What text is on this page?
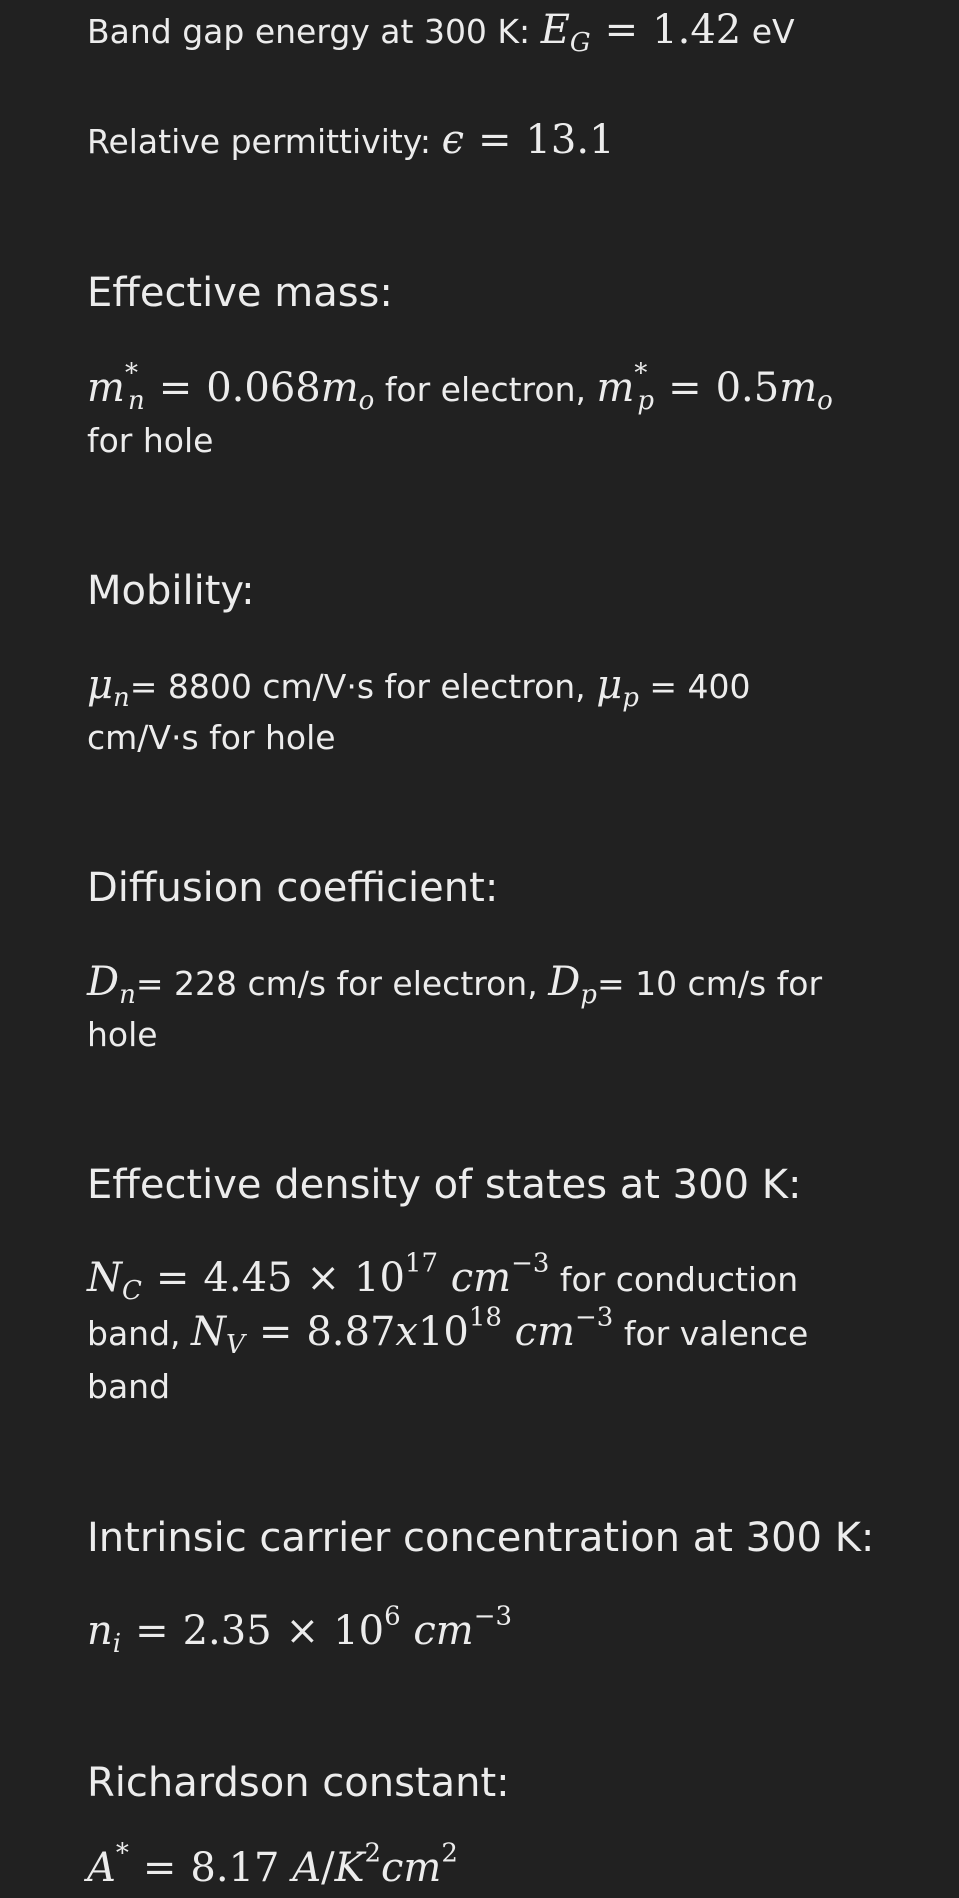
Band gap energy at 300 K: $E_G = 1.42$ eV
Relative permittivity: ϵ = 13.1
Effective mass:
$m^*_n = 0.068m_o$ for electron, $m^*_p = 0.5m_o$
for hole
Mobility:
$\mu_n= 8800$ cm/V·s for electron, $\mu_p = 400$
cm/V·s for hole
Diffusion coefficient:
$D_n= 228$ cm/s for electron, $D_p= 10$ cm/s for
hole
Effective density of states at 300 K:
$N_C = 4.45 \times 10^{17}$ $cm^{-3}$ for conduction
band, $N_V = 8.87x10^{18}$ $cm^{-3}$ for valence
band
Intrinsic carrier concentration at 300 K:
$n_i = 2.35 \times 10^6$ $cm^{-3}$
Richardson constant:
A* = 8.17 $A/K^2cm^2$
